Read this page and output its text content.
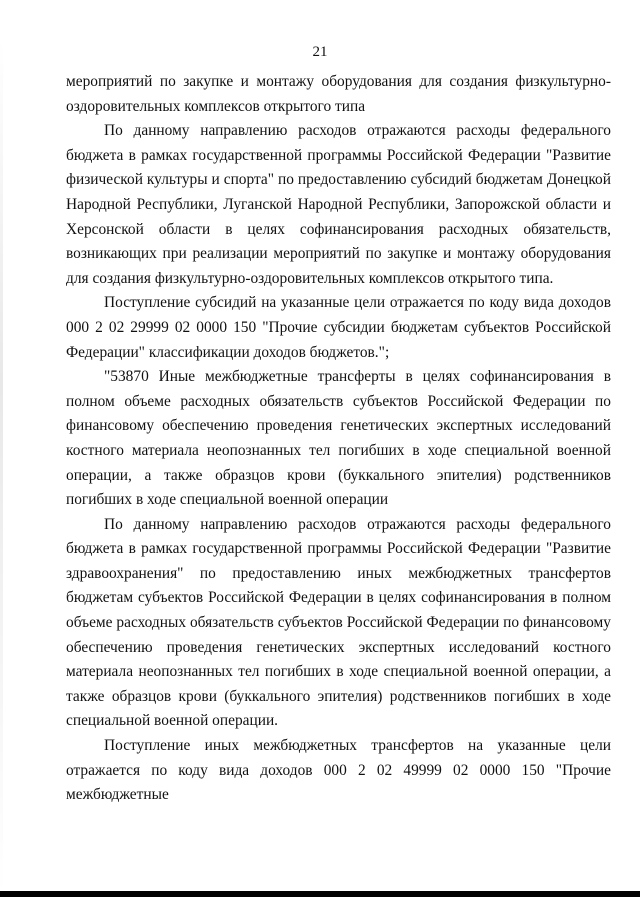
21

мероприятий по закупке и монтажу оборудования для создания физкультурно-оздоровительных комплексов открытого типа

По данному направлению расходов отражаются расходы федерального бюджета в рамках государственной программы Российской Федерации "Развитие физической культуры и спорта" по предоставлению субсидий бюджетам Донецкой Народной Республики, Луганской Народной Республики, Запорожской области и Херсонской области в целях софинансирования расходных обязательств, возникающих при реализации мероприятий по закупке и монтажу оборудования для создания физкультурно-оздоровительных комплексов открытого типа.

Поступление субсидий на указанные цели отражается по коду вида доходов 000 2 02 29999 02 0000 150 "Прочие субсидии бюджетам субъектов Российской Федерации" классификации доходов бюджетов.";

"53870 Иные межбюджетные трансферты в целях софинансирования в полном объеме расходных обязательств субъектов Российской Федерации по финансовому обеспечению проведения генетических экспертных исследований костного материала неопознанных тел погибших в ходе специальной военной операции, а также образцов крови (буккального эпителия) родственников погибших в ходе специальной военной операции

По данному направлению расходов отражаются расходы федерального бюджета в рамках государственной программы Российской Федерации "Развитие здравоохранения" по предоставлению иных межбюджетных трансфертов бюджетам субъектов Российской Федерации в целях софинансирования в полном объеме расходных обязательств субъектов Российской Федерации по финансовому обеспечению проведения генетических экспертных исследований костного материала неопознанных тел погибших в ходе специальной военной операции, а также образцов крови (буккального эпителия) родственников погибших в ходе специальной военной операции.

Поступление иных межбюджетных трансфертов на указанные цели отражается по коду вида доходов 000 2 02 49999 02 0000 150 "Прочие межбюджетные
